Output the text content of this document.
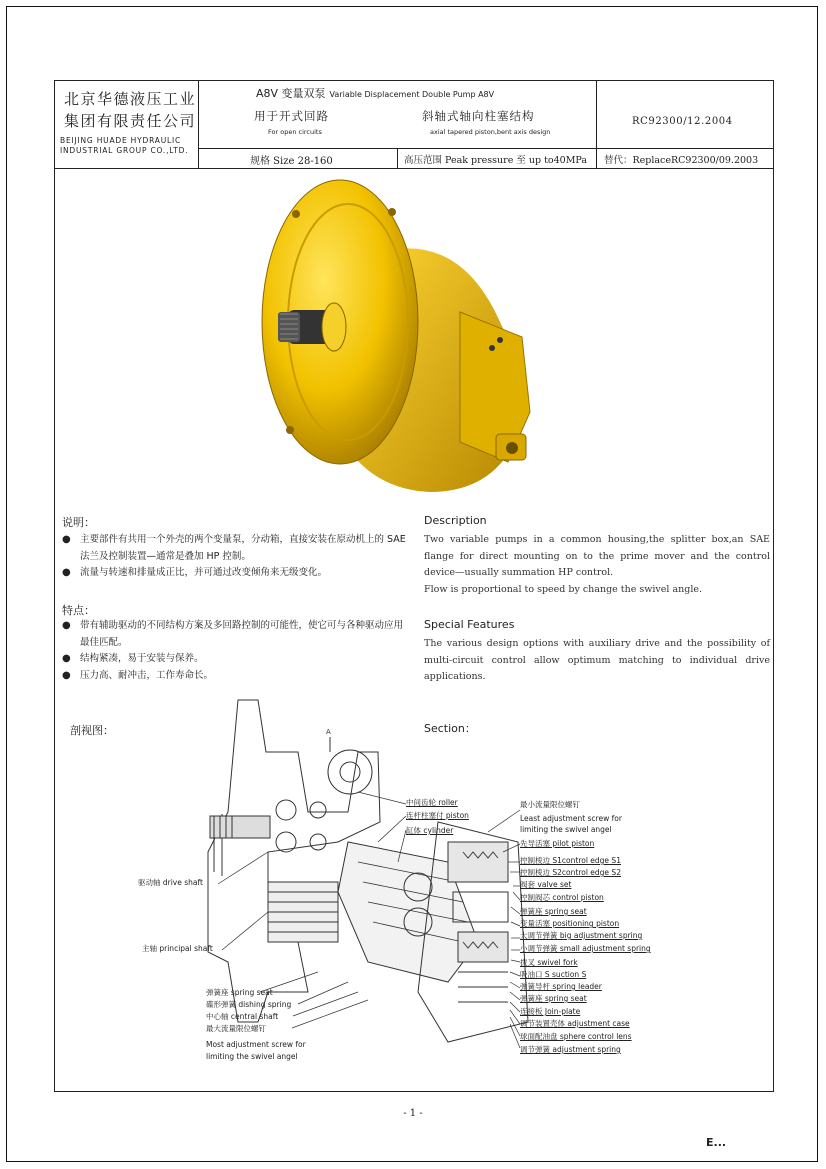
北京华德液压工业
集团有限责任公司
BEIJING HUADE HYDRAULIC
INDUSTRIAL GROUP CO.,LTD.
A8V 变量双泵 Variable Displacement Double Pump A8V
用于开式回路
For open circuits
斜轴式轴向柱塞结构
axial tapered piston,bent axis design
RC92300/12.2004
规格 Size 28-160	高压范围 Peak pressure 至 up to40MPa 替代：ReplaceRC92300/09.2003
说明：
● 主要部件有共用一个外壳的两个变量泵，分动箱，直接安装在原动机上的 SAE 法兰及控制装置—通常是叠加 HP 控制。
● 流量与转速和排量成正比，并可通过改变倾角来无级变化。
Description
Two variable pumps in a common housing,the splitter box,an SAE flange for direct mounting on to the prime mover and the control device—usually summation HP control.
Flow is proportional to speed by change the swivel angle.
特点：
● 带有辅助驱动的不同结构方案及多回路控制的可能性，使它可与各种驱动应用最佳匹配。
● 结构紧凑，易于安装与保养。
● 压力高、耐冲击，工作寿命长。
Special Features
The various design options with auxiliary drive and the possibility of multi-circuit control allow optimum matching to individual drive applications.
剖视图：	Section：
A
驱动轴 drive shaft
主轴 principal shaft
弹簧座 spring seat
碟形弹簧 dishing spring
中心轴 central shaft
最大流量限位螺钉
Most adjustment screw for
limiting the swivel angel
中间齿轮 roller
连杆柱塞付 piston
缸体 cylinder
最小流量限位螺钉
Least adjustment screw for
limiting the swivel angel
先导活塞 pilot piston
控制棱边 S1control edge S1
控制棱边 S2control edge S2
阀套 valve set
控制阀芯 control piston
弹簧座 spring seat
变量活塞 positioning piston
大调节弹簧 big adjustment spring
小调节弹簧 small adjustment spring
拨叉 swivel fork
吸油口 S suction S
弹簧导杆 spring leader
弹簧座 spring seat
连接板 Join-plate
调节装置壳体 adjustment case
球面配油盘 sphere control lens
调节弹簧 adjustment spring
- 1 -
E...
